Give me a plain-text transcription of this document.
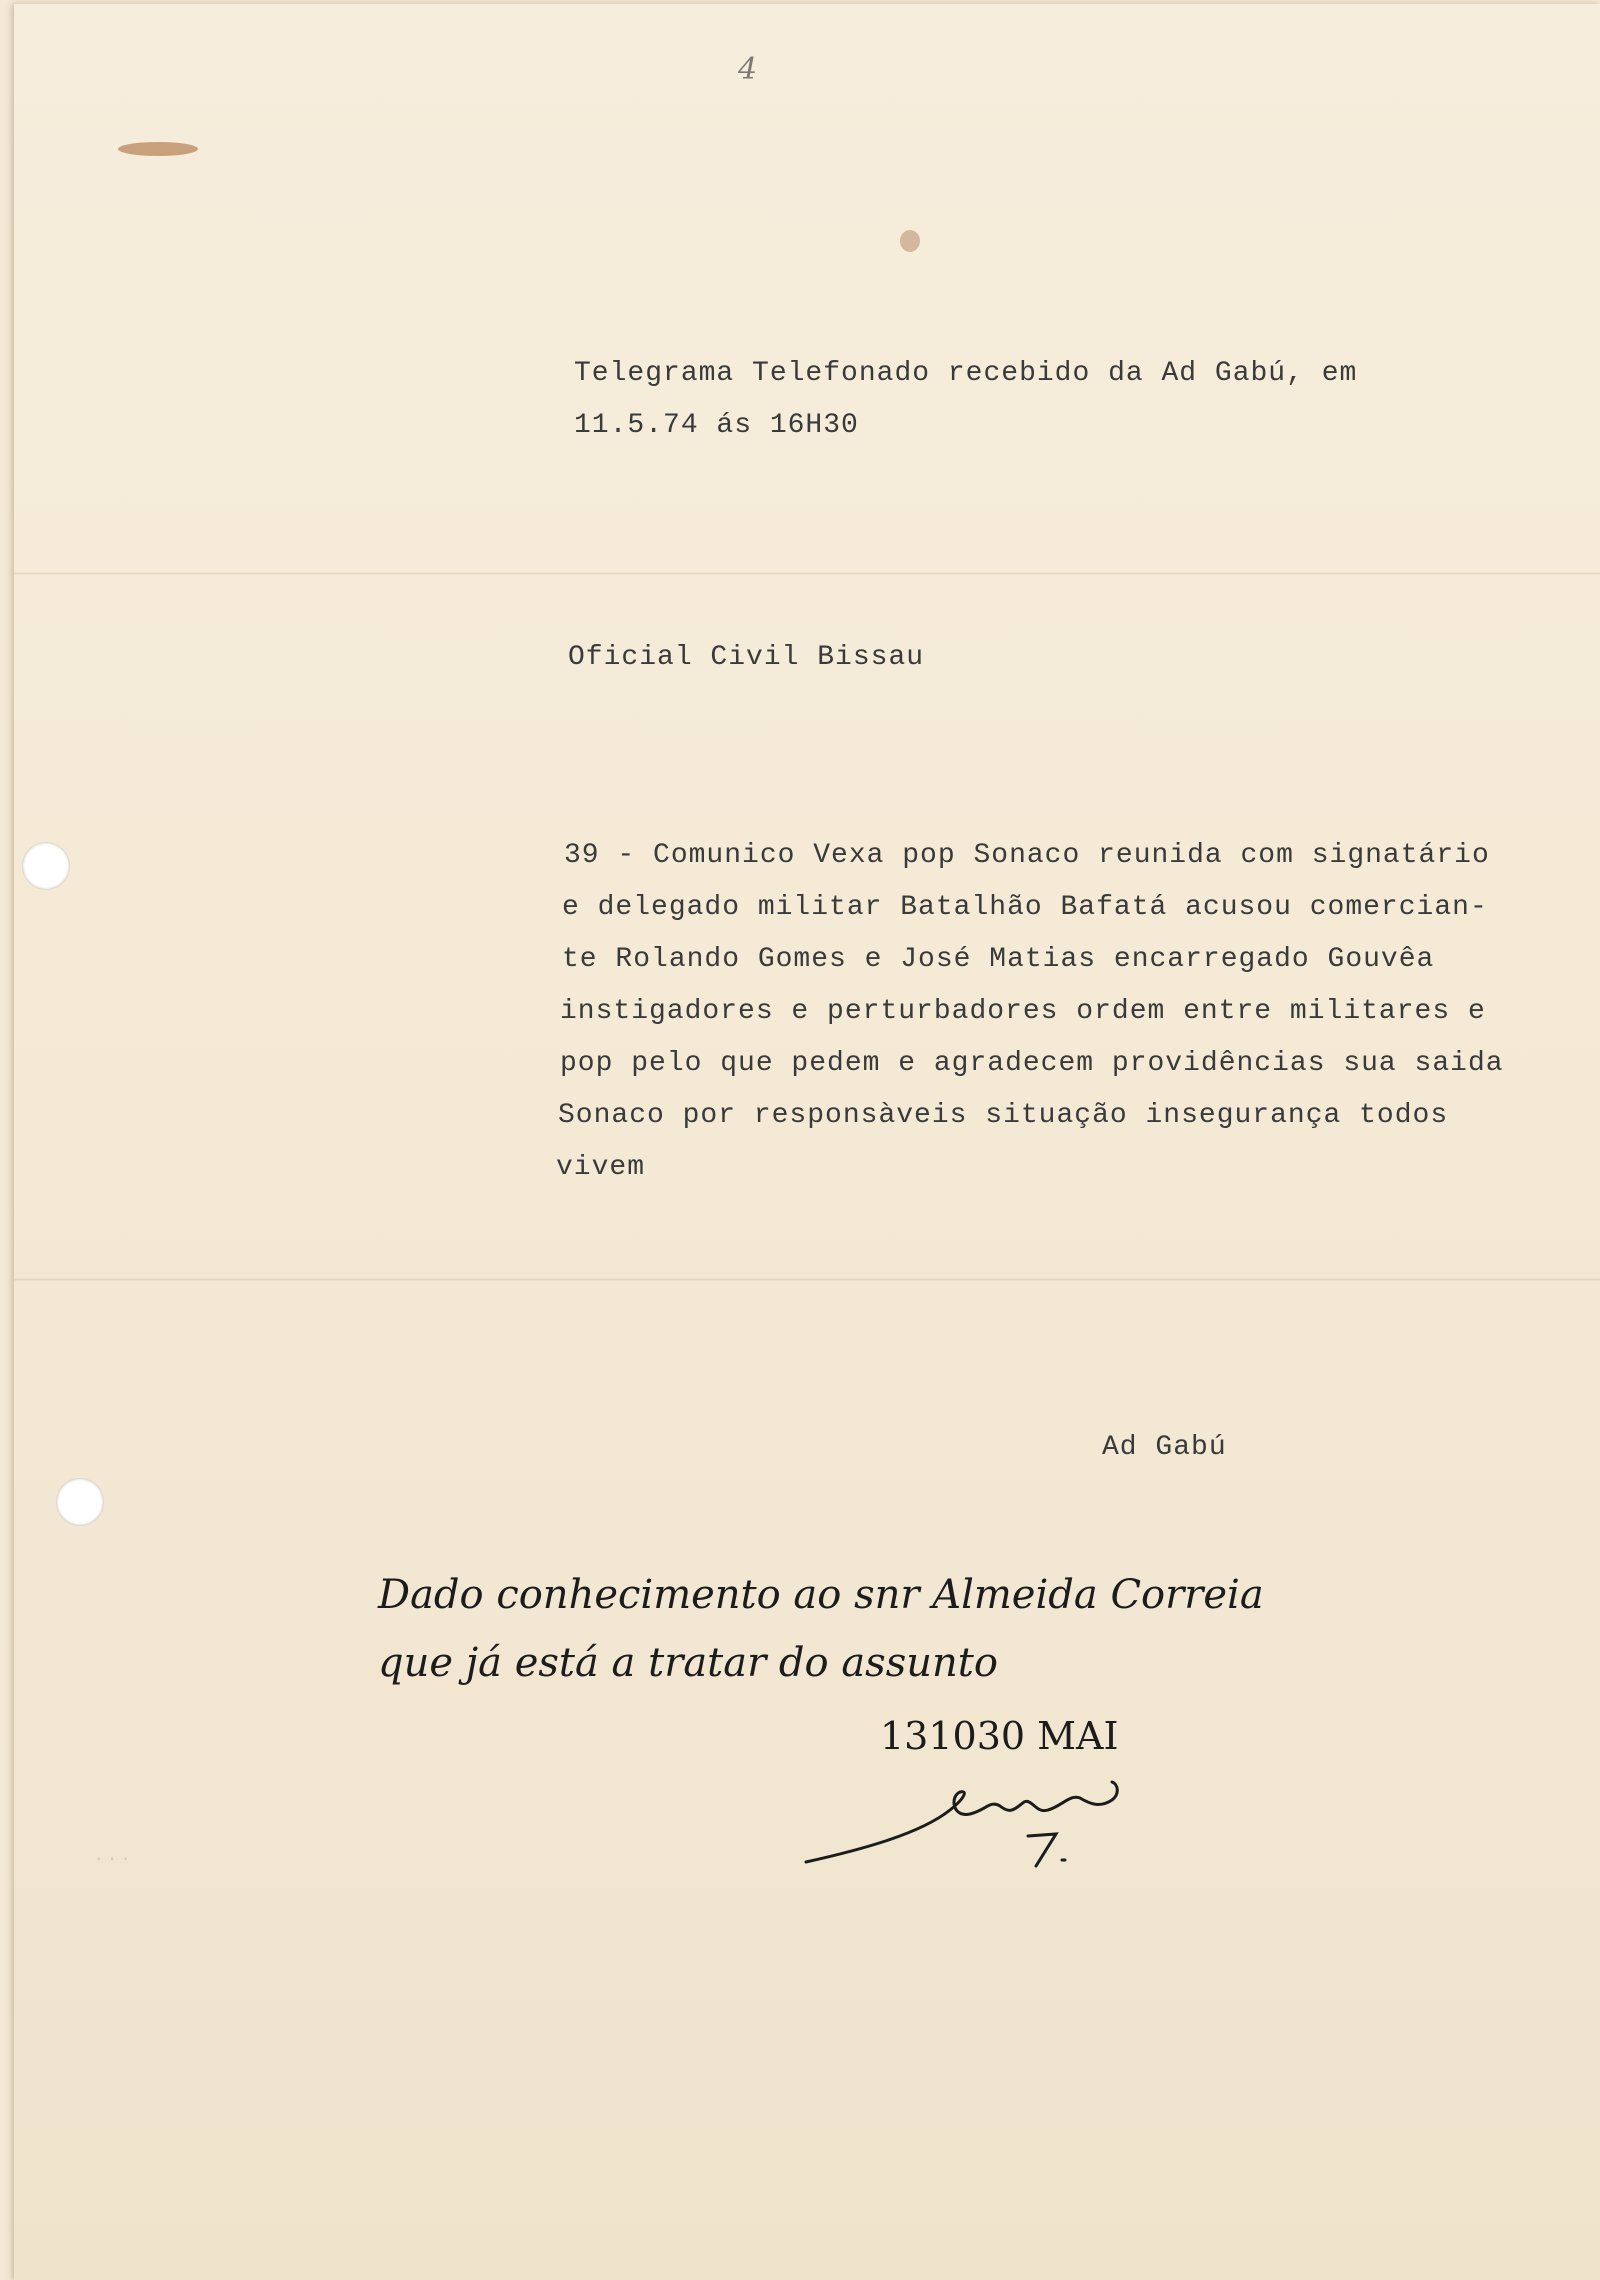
4
Telegrama Telefonado recebido da Ad Gabú, em
11.5.74 ás 16H30
Oficial Civil Bissau
39 - Comunico Vexa pop Sonaco reunida com signatário
e delegado militar Batalhão Bafatá acusou comercian-
te Rolando Gomes e José Matias encarregado Gouvêa
instigadores e perturbadores ordem entre militares e
pop pelo que pedem e agradecem providências sua saida
Sonaco por responsàveis situação insegurança todos
vivem
Ad Gabú
Dado conhecimento ao snr Almeida Correia
que já está a tratar do assunto
131030 MAI
· · ·
